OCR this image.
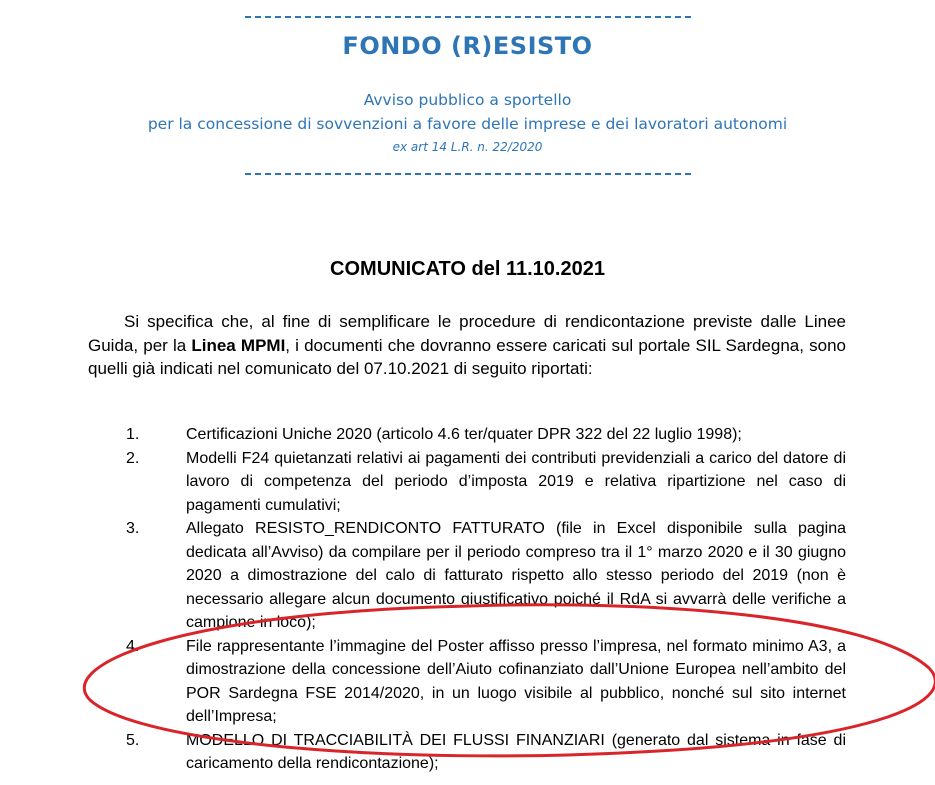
FONDO (R)ESISTO
Avviso pubblico a sportello
per la concessione di sovvenzioni a favore delle imprese e dei lavoratori autonomi
ex art 14 L.R. n. 22/2020
COMUNICATO del 11.10.2021

Si specifica che, al fine di semplificare le procedure di rendicontazione previste dalle Linee Guida, per la Linea MPMI, i documenti che dovranno essere caricati sul portale SIL Sardegna, sono quelli già indicati nel comunicato del 07.10.2021 di seguito riportati:

1.	Certificazioni Uniche 2020 (articolo 4.6 ter/quater DPR 322 del 22 luglio 1998);
2.	Modelli F24 quietanzati relativi ai pagamenti dei contributi previdenziali a carico del datore di lavoro di competenza del periodo d’imposta 2019 e relativa ripartizione nel caso di pagamenti cumulativi;
3.	Allegato RESISTO_RENDICONTO FATTURATO (file in Excel disponibile sulla pagina dedicata all’Avviso) da compilare per il periodo compreso tra il 1° marzo 2020 e il 30 giugno 2020 a dimostrazione del calo di fatturato rispetto allo stesso periodo del 2019 (non è necessario allegare alcun documento giustificativo poiché il RdA si avvarrà delle verifiche a campione in loco);
4.	File rappresentante l’immagine del Poster affisso presso l’impresa, nel formato minimo A3, a dimostrazione della concessione dell’Aiuto cofinanziato dall’Unione Europea nell’ambito del POR Sardegna FSE 2014/2020, in un luogo visibile al pubblico, nonché sul sito internet dell’Impresa;
5.	MODELLO DI TRACCIABILITÀ DEI FLUSSI FINANZIARI (generato dal sistema in fase di caricamento della rendicontazione);
